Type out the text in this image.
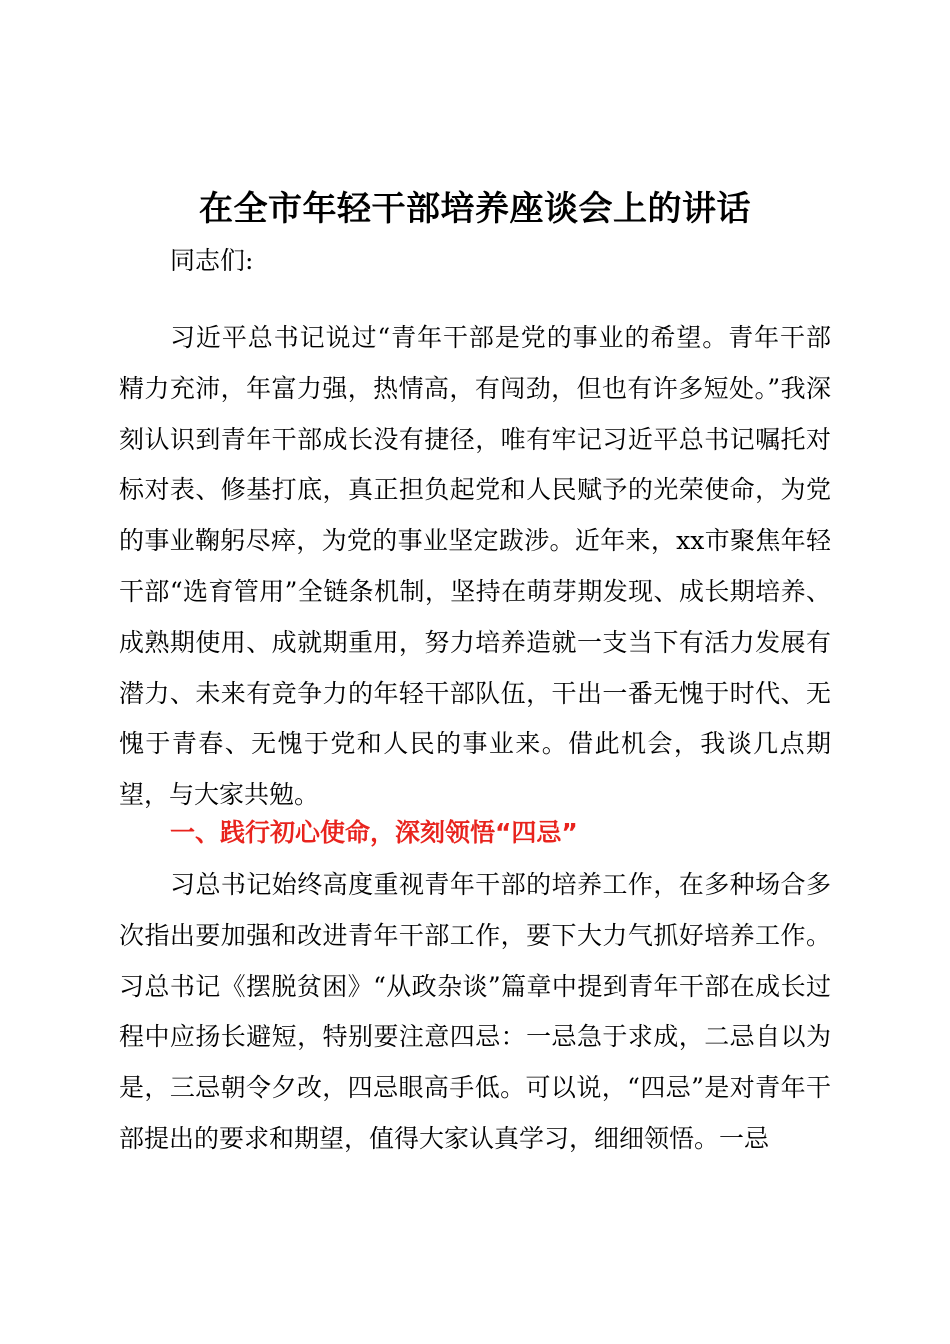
在全市年轻干部培养座谈会上的讲话
同志们:
习近平总书记说过“青年干部是党的事业的希望。青年干部精力充沛，年富力强，热情高，有闯劲，但也有许多短处。”我深刻认识到青年干部成长没有捷径，唯有牢记习近平总书记嘱托对标对表、修基打底，真正担负起党和人民赋予的光荣使命，为党的事业鞠躬尽瘁，为党的事业坚定跋涉。近年来，xx市聚焦年轻干部“选育管用”全链条机制，坚持在萌芽期发现、成长期培养、成熟期使用、成就期重用，努力培养造就一支当下有活力发展有潜力、未来有竞争力的年轻干部队伍，干出一番无愧于时代、无愧于青春、无愧于党和人民的事业来。借此机会，我谈几点期望，与大家共勉。
一、践行初心使命，深刻领悟“四忌”
习总书记始终高度重视青年干部的培养工作，在多种场合多次指出要加强和改进青年干部工作，要下大力气抓好培养工作。习总书记《摆脱贫困》“从政杂谈”篇章中提到青年干部在成长过程中应扬长避短，特别要注意四忌：一忌急于求成，二忌自以为是，三忌朝令夕改，四忌眼高手低。可以说，“四忌”是对青年干部提出的要求和期望，值得大家认真学习，细细领悟。一忌
